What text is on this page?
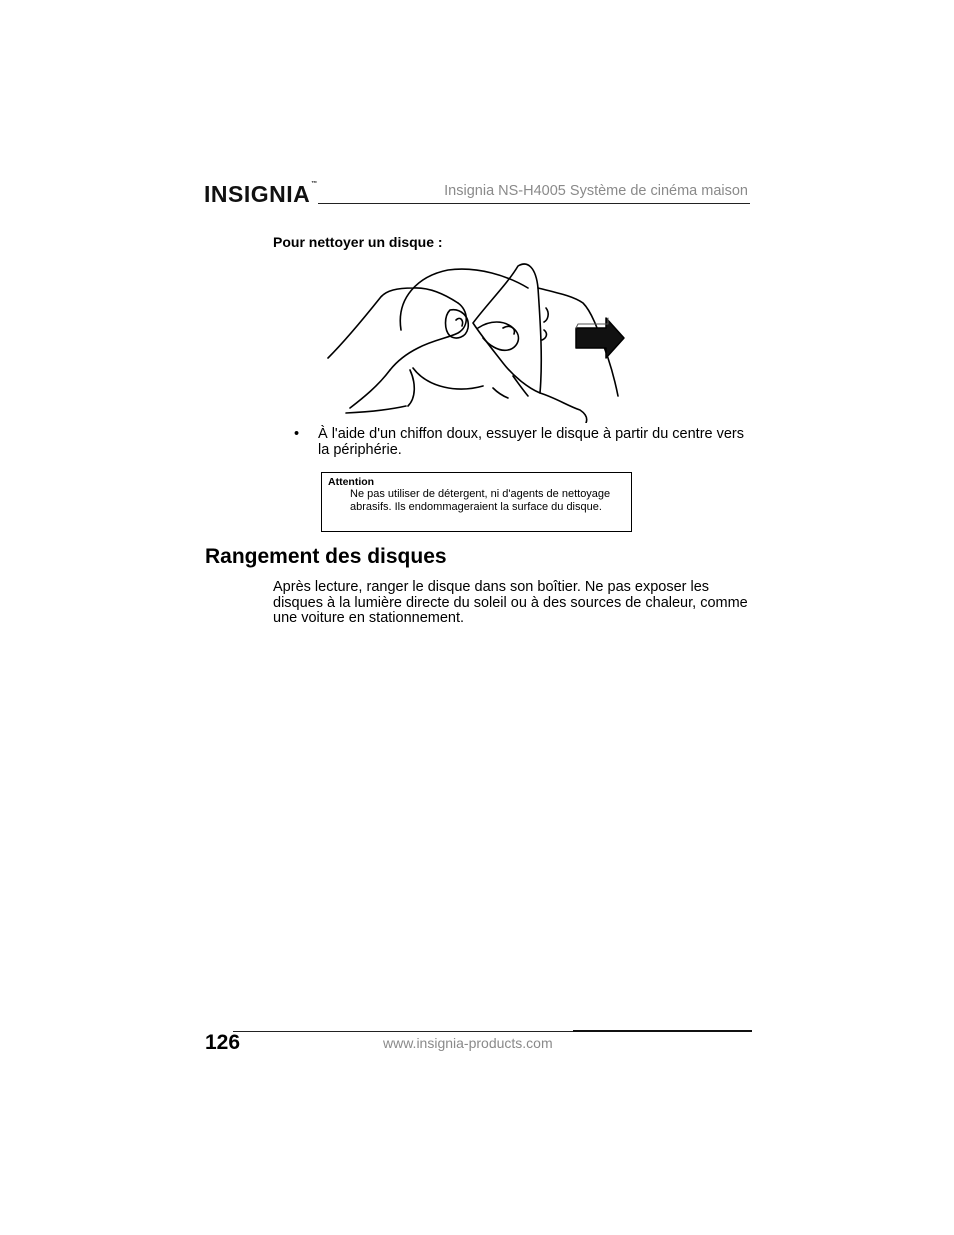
INSIGNIA™	Insignia NS-H4005 Système de cinéma maison
Pour nettoyer un disque :
• À l'aide d'un chiffon doux, essuyer le disque à partir du centre vers la périphérie.
Attention
Ne pas utiliser de détergent, ni d'agents de nettoyage abrasifs. Ils endommageraient la surface du disque.
Rangement des disques
Après lecture, ranger le disque dans son boîtier. Ne pas exposer les disques à la lumière directe du soleil ou à des sources de chaleur, comme une voiture en stationnement.
126	www.insignia-products.com
